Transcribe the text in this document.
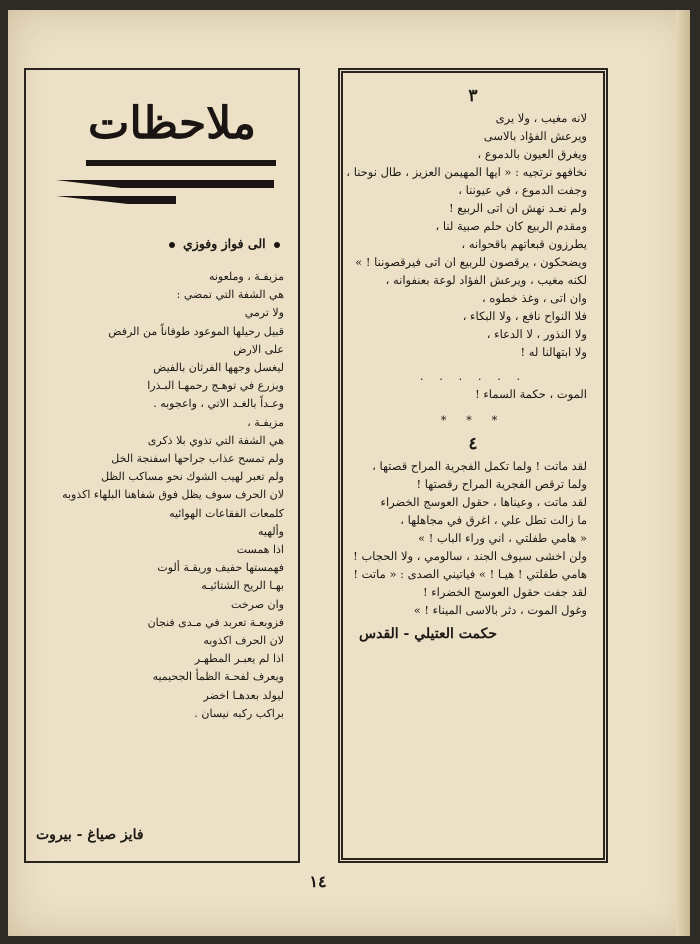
ملاحظات
الى فواز وفوزي
مزيفـة ، وملعونه
هي الشفة التي تمضي :
ولا ترمي
قبيل رحيلها الموعود طوفاناً من الرفض
على الارض
ليغسل وجهها الفرثان بالفيض
ويزرع في توهـج رحمهـا البـذرا
وعـداً بالغـد الاتي ، واعجوبه .
مزيفـة ،
هي الشفة التي تذوي بلا ذكرى
ولم تمسح عذاب جراحها اسفنجة الخل
ولم تعبر لهيب الشوك نحو مساكب الظل
لان الحرف سوف يظل فوق شفاهنا البلهاء اكذوبه
كلمعات الفقاعات الهوائيه
وألهيه
اذا همست
فهمستها حفيف وريقـة ألوت
بهـا الريح الشتائيـه
وان صرخت
فزوبعـة تعربد في مـدى فنجان
لان الحرف اكذوبه
اذا لم يعبـر المطهـر
ويعرف لفحـة الظمأ الجحيميه
ليولد بعدهـا اخضر
براكب ركبه نيسان .
فايز صياغ - بيروت
٣
لانه مغيب ، ولا يرى
ويرعش الفؤاد بالاسى
ويغرق العيون بالدموع ،
نخافهو نرتجيه : « ايها المهيمن العزيز ، طال نوحنا ،
وجفت الدموع ، في عيوننا ،
ولم نعـد نهش ان اتى الربيع !
ومقدم الربيع كان حلم صبية لنا ،
يطرزون قبعاتهم باقحوانه ،
ويضحكون ، يرقصون للربيع ان اتى فيرقصوننا ! »
لكنه مغيب ، ويرعش الفؤاد لوعة بعنفوانه ،
وان اتى ، وغذ خطوه ،
فلا النواح نافع ، ولا البكاء ،
ولا النذور ، لا الدعاء ،
ولا ابتهالنا له !
. . . . . .
الموت ، حكمة السماء !
* * *
٤
لقد ماتت ! ولما تكمل الفجرية المراح قصتها ،
ولما ترقص الفجرية المراح رقصتها !
لقد ماتت ، وعيناها ، حقول العوسج الخضراء
ما زالت تطل علي ، اغرق في مجاهلها ،
« هامي طفلتي ، اني وراء الباب ! »
ولن اخشى سيوف الجند ، سالومي ، ولا الحجاب !
هامي طفلتي ! هيـا ! » فياتيني الصدى : « ماتت !
لقد جفت حقول العوسج الخضراء !
وغول الموت ، دثر بالاسى الميناء ! »
حكمت العتيلي - القدس
١٤
